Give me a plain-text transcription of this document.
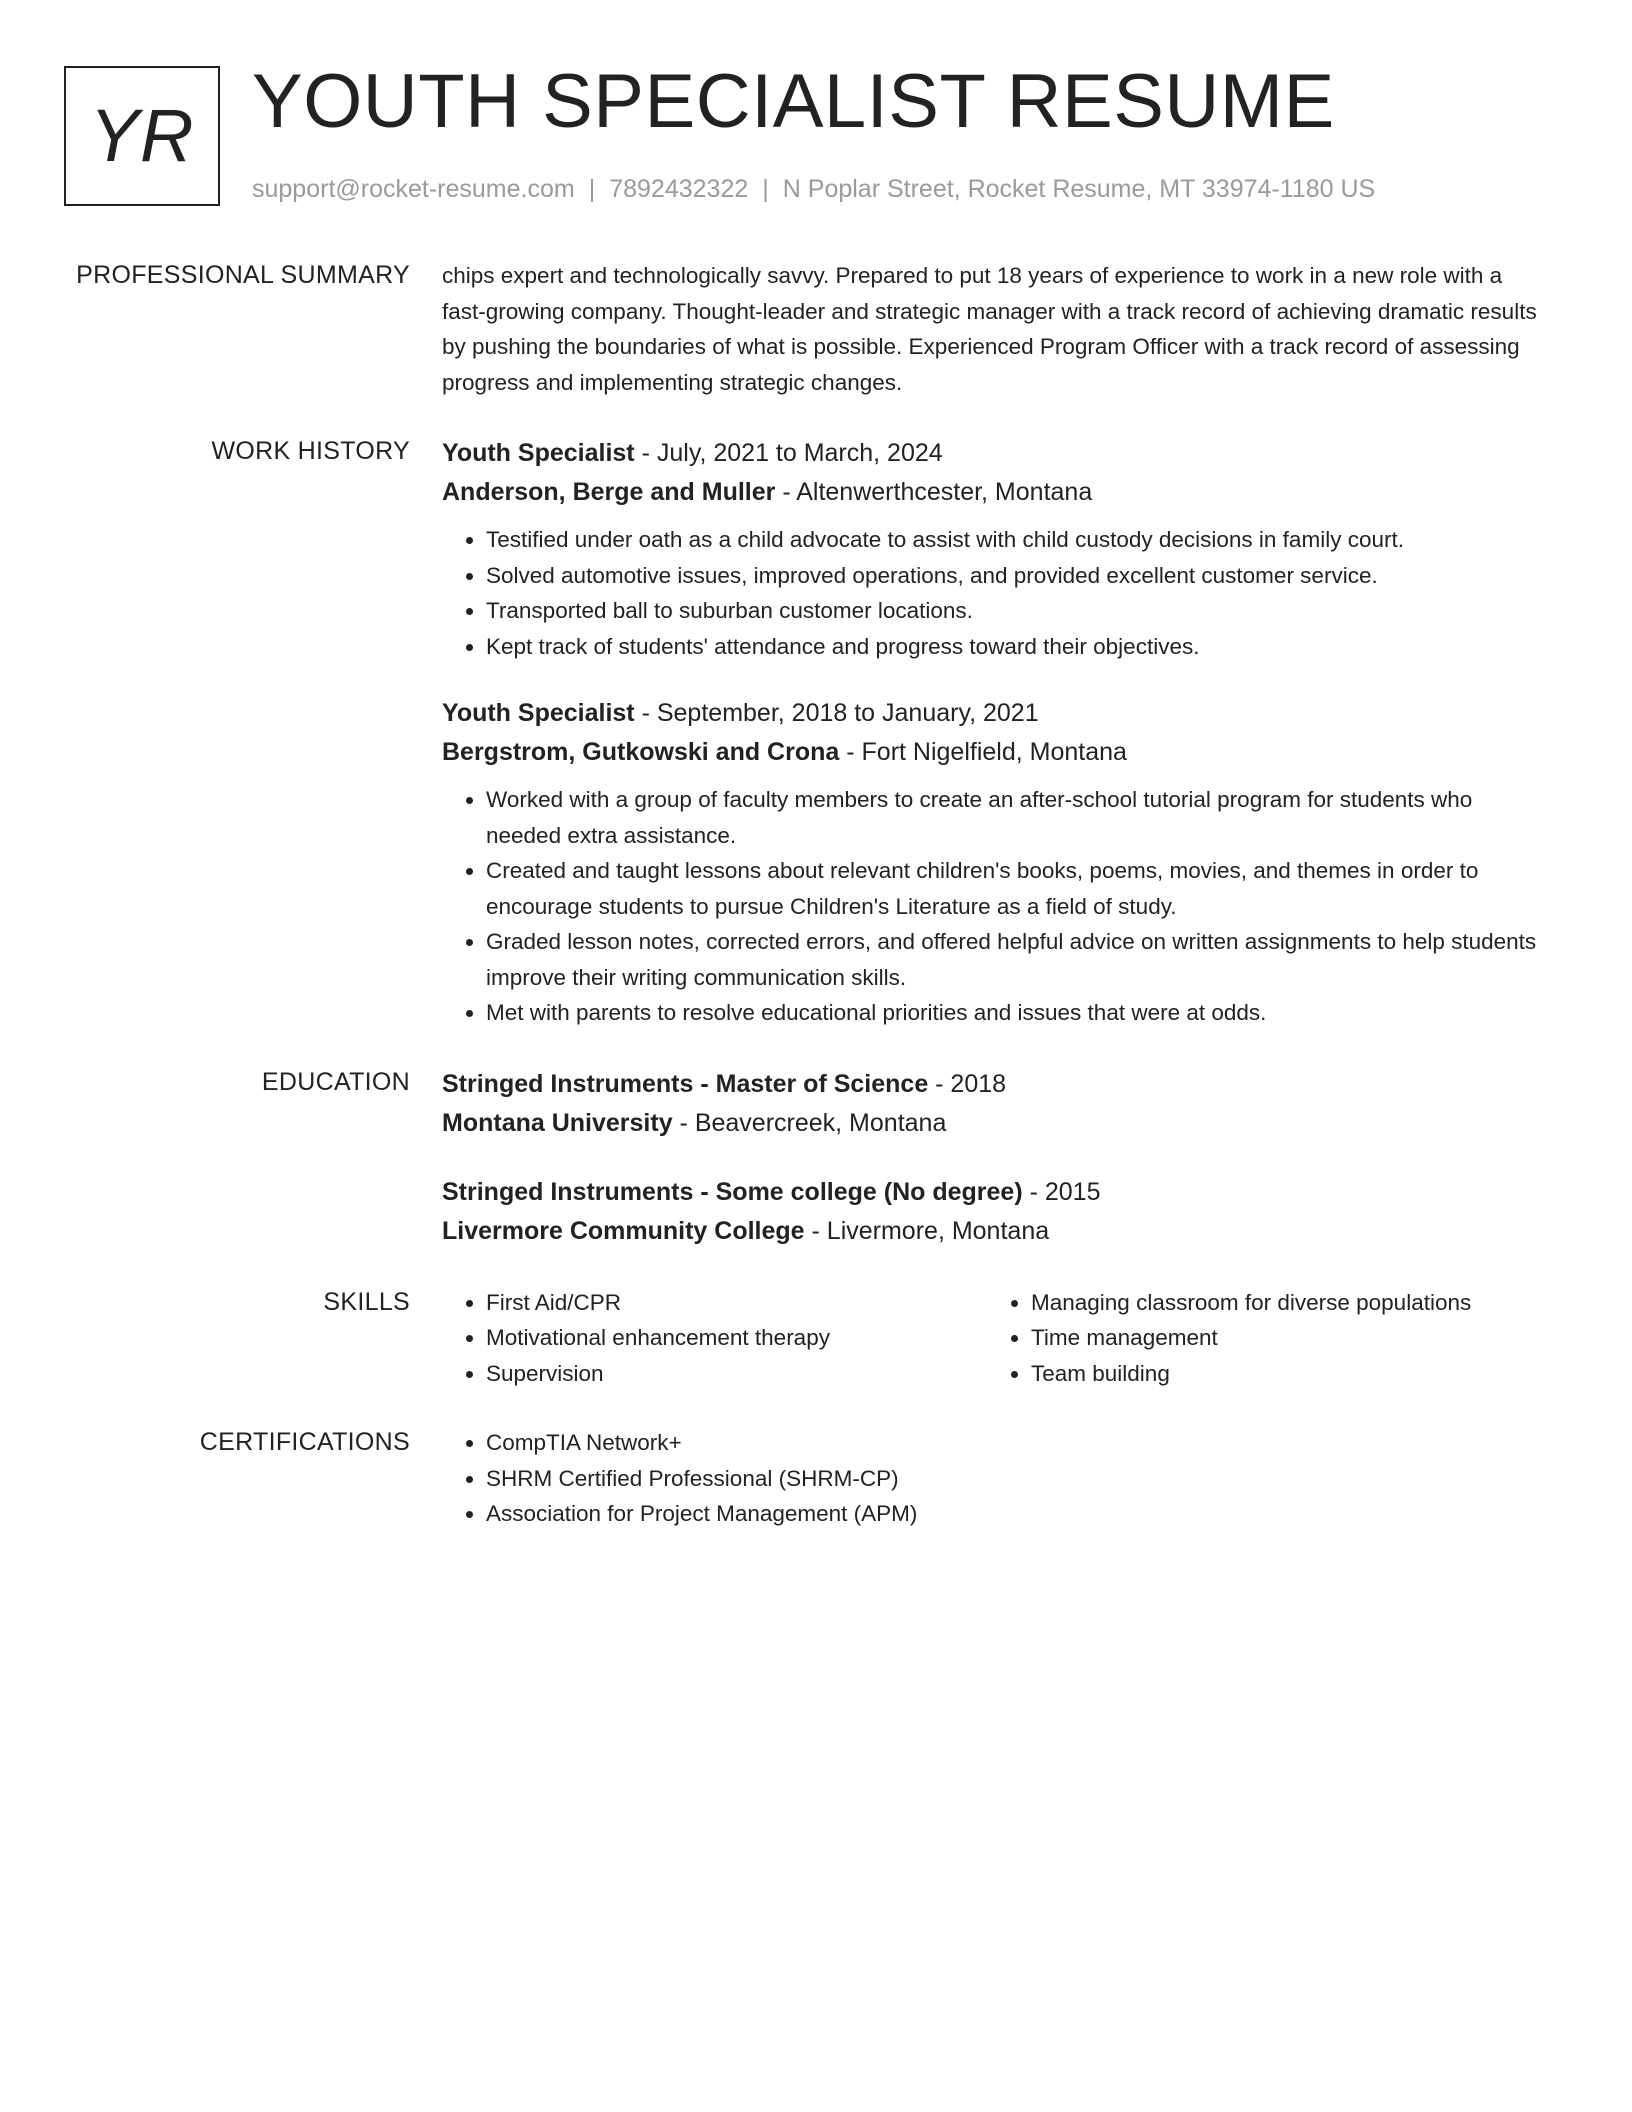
YR YOUTH SPECIALIST RESUME
support@rocket-resume.com | 7892432322 | N Poplar Street, Rocket Resume, MT 33974-1180 US
PROFESSIONAL SUMMARY chips expert and technologically savvy. Prepared to put 18 years of experience to work in a new role with a fast-growing company. Thought-leader and strategic manager with a track record of achieving dramatic results by pushing the boundaries of what is possible. Experienced Program Officer with a track record of assessing progress and implementing strategic changes.

WORK HISTORY Youth Specialist - July, 2021 to March, 2024
Anderson, Berge and Muller - Altenwerthcester, Montana
• Testified under oath as a child advocate to assist with child custody decisions in family court.
• Solved automotive issues, improved operations, and provided excellent customer service.
• Transported ball to suburban customer locations.
• Kept track of students' attendance and progress toward their objectives.
Youth Specialist - September, 2018 to January, 2021
Bergstrom, Gutkowski and Crona - Fort Nigelfield, Montana
• Worked with a group of faculty members to create an after-school tutorial program for students who needed extra assistance.
• Created and taught lessons about relevant children's books, poems, movies, and themes in order to encourage students to pursue Children's Literature as a field of study.
• Graded lesson notes, corrected errors, and offered helpful advice on written assignments to help students improve their writing communication skills.
• Met with parents to resolve educational priorities and issues that were at odds.
EDUCATION Stringed Instruments - Master of Science - 2018
Montana University - Beavercreek, Montana
Stringed Instruments - Some college (No degree) - 2015
Livermore Community College - Livermore, Montana
SKILLS	• First Aid/CPR
• Motivational enhancement therapy
• Supervision
• Managing classroom for diverse populations
• Time management
• Team building
CERTIFICATIONS	• CompTIA Network+
• SHRM Certified Professional (SHRM-CP)
• Association for Project Management (APM)
